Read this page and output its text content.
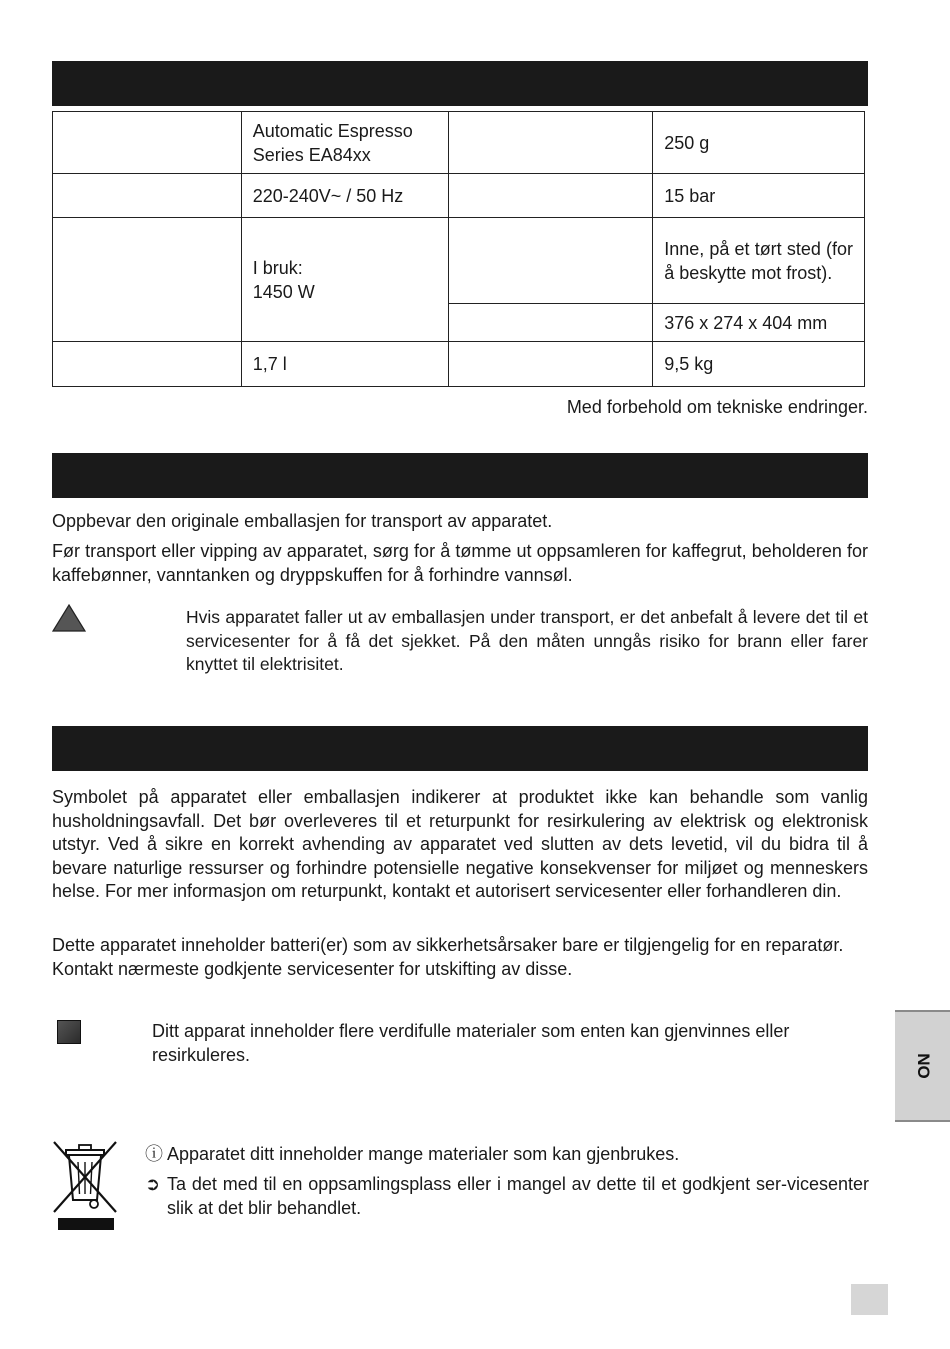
	Automatic Espresso
Series EA84xx		250 g
	220-240V~ / 50 Hz		15 bar
	I bruk:
1450 W		Inne, på et tørt sted (for å beskytte mot frost).
			376 x 274 x 404 mm
	1,7 l		9,5 kg
Med forbehold om tekniske endringer.

Oppbevar den originale emballasjen for transport av apparatet.

Før transport eller vipping av apparatet, sørg for å tømme ut oppsamleren for kaffegrut, beholderen for kaffebønner, vanntanken og dryppskuffen for å forhindre vannsøl.

Hvis apparatet faller ut av emballasjen under transport, er det anbefalt å levere det til et servicesenter for å få det sjekket. På den måten unngås risiko for brann eller farer knyttet til elektrisitet.

Symbolet på apparatet eller emballasjen indikerer at produktet ikke kan behandle som vanlig husholdningsavfall. Det bør overleveres til et returpunkt for resirkulering av elektrisk og elektronisk utstyr. Ved å sikre en korrekt avhending av apparatet ved slutten av dets levetid, vil du bidra til å bevare naturlige ressurser og forhindre potensielle negative konsekvenser for miljøet og menneskers helse. For mer informasjon om returpunkt, kontakt et autorisert servicesenter eller forhandleren din.

Dette apparatet inneholder batteri(er) som av sikkerhetsårsaker bare er tilgjengelig for en reparatør.
Kontakt nærmeste godkjente servicesenter for utskifting av disse.

Ditt apparat inneholder flere verdifulle materialer som enten kan gjenvinnes eller resirkuleres.

ⓘ Apparatet ditt inneholder mange materialer som kan gjenbrukes.

➲ Ta det med til en oppsamlingsplass eller i mangel av dette til et godkjent ser-vicesenter slik at det blir behandlet.

NO
